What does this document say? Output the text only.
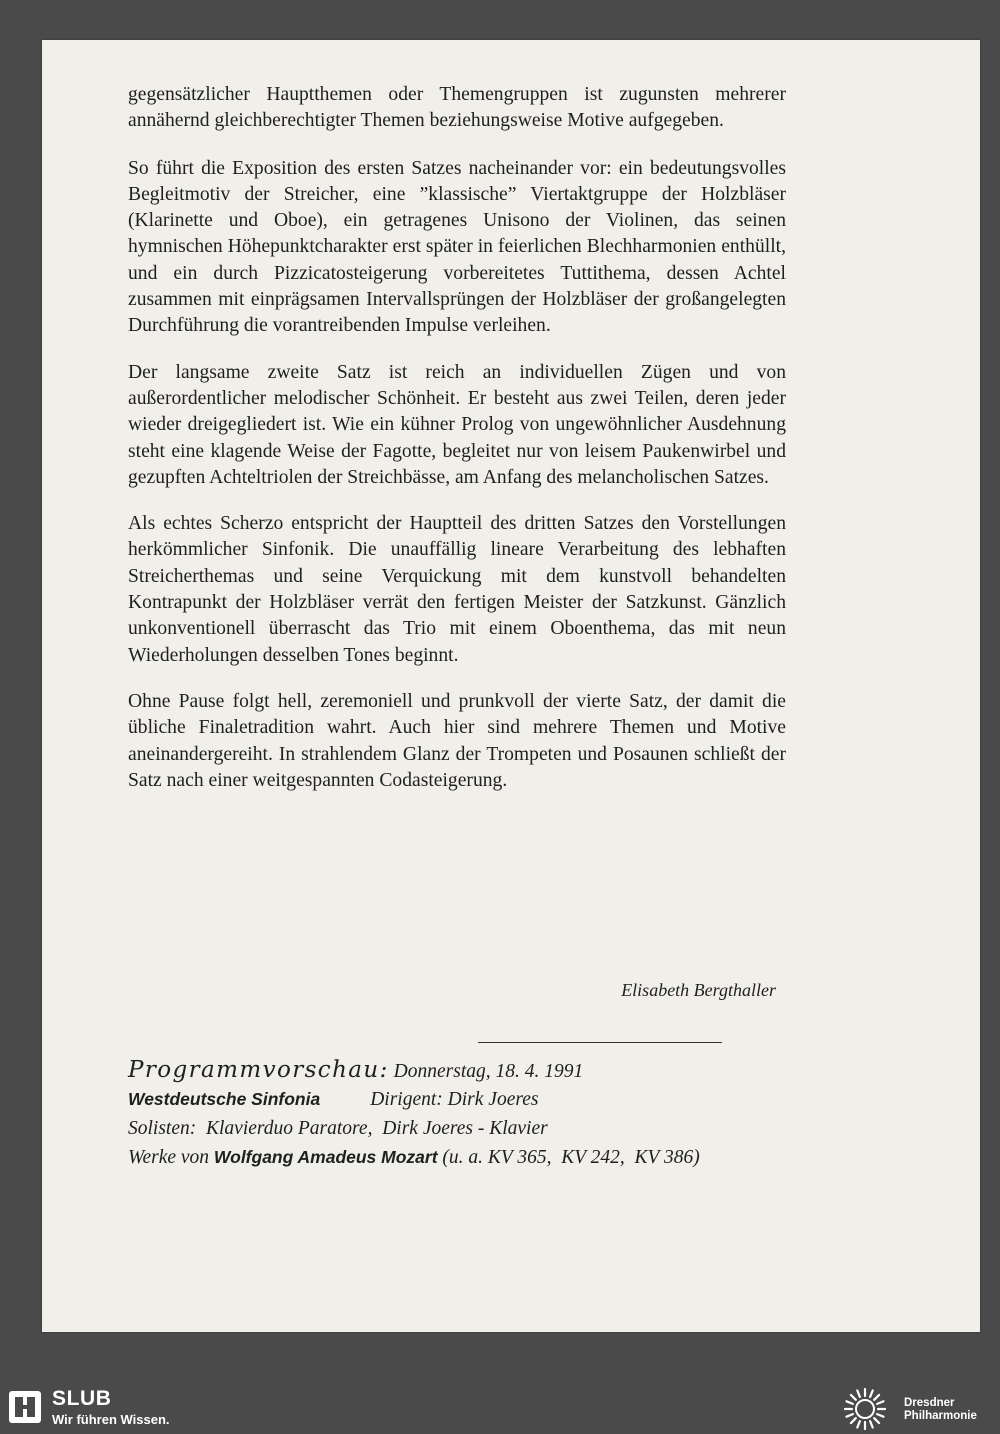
gegensätzlicher Hauptthemen oder Themengruppen ist zugunsten mehrerer annähernd gleichberechtigter Themen beziehungsweise Motive aufgegeben.

So führt die Exposition des ersten Satzes nacheinander vor: ein bedeutungsvolles Begleitmotiv der Streicher, eine ”klassische” Viertaktgruppe der Holzbläser (Klarinette und Oboe), ein getragenes Unisono der Violinen, das seinen hymnischen Höhepunktcharakter erst später in feierlichen Blechharmonien enthüllt, und ein durch Pizzicatosteigerung vorbereitetes Tuttithema, dessen Achtel zusammen mit einprägsamen Intervallsprüngen der Holzbläser der großangelegten Durchführung die vorantreibenden Impulse verleihen.

Der langsame zweite Satz ist reich an individuellen Zügen und von außerordentlicher melodischer Schönheit. Er besteht aus zwei Teilen, deren jeder wieder dreigegliedert ist. Wie ein kühner Prolog von ungewöhnlicher Ausdehnung steht eine klagende Weise der Fagotte, begleitet nur von leisem Paukenwirbel und gezupften Achteltriolen der Streichbässe, am Anfang des melancholischen Satzes.

Als echtes Scherzo entspricht der Hauptteil des dritten Satzes den Vorstellungen herkömmlicher Sinfonik. Die unauffällig lineare Verarbeitung des lebhaften Streicherthemas und seine Verquickung mit dem kunstvoll behandelten Kontrapunkt der Holzbläser verrät den fertigen Meister der Satzkunst. Gänzlich unkonventionell überrascht das Trio mit einem Oboenthema, das mit neun Wiederholungen desselben Tones beginnt.

Ohne Pause folgt hell, zeremoniell und prunkvoll der vierte Satz, der damit die übliche Finaletradition wahrt. Auch hier sind mehrere Themen und Motive aneinandergereiht. In strahlendem Glanz der Trompeten und Posaunen schließt der Satz nach einer weitgespannten Codasteigerung.

Elisabeth Bergthaller
Programmvorschau: Donnerstag, 18. 4. 1991
Westdeutsche Sinfonia	Dirigent: Dirk Joeres
Solisten:  Klavierduo Paratore,  Dirk Joeres - Klavier
Werke von Wolfgang Amadeus Mozart (u. a. KV 365,  KV 242,  KV 386)
SLUB
Wir führen Wissen.
Dresdner
Philharmonie
